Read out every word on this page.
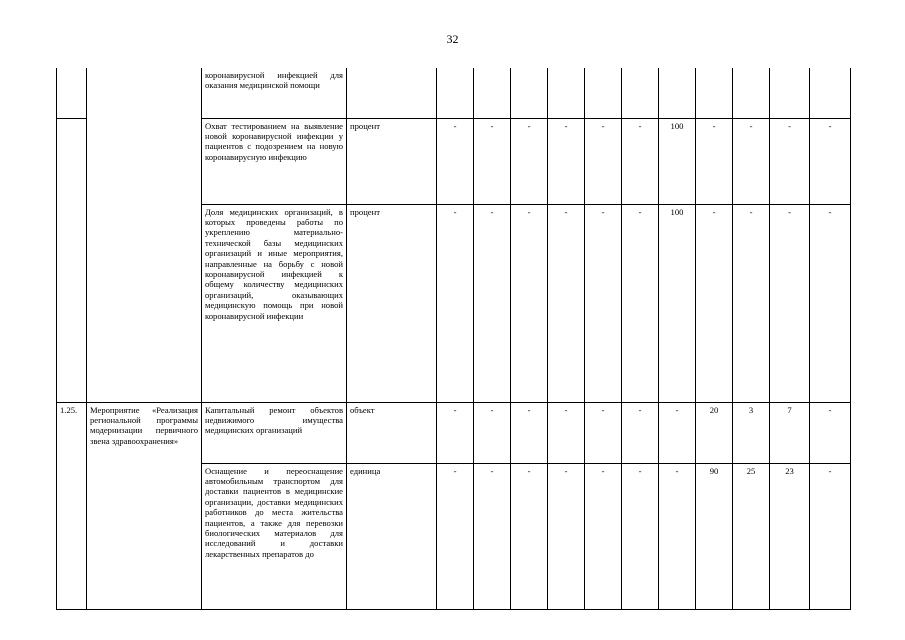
32
		коронавирусной инфекцией для оказания медицинской помощи												
		Охват тестированием на выявление новой коронавирусной инфекции у пациентов с подозрением на новую коронавирусную инфекцию	процент	-	-	-	-	-	-	100	-	-	-	-
		Доля медицинских организаций, в которых проведены работы по укреплению материально-технической базы медицинских организаций и иные мероприятия, направленные на борьбу с новой коронавирусной инфекцией к общему количеству медицинских организаций, оказывающих медицинскую помощь при новой коронавирусной инфекции	процент	-	-	-	-	-	-	100	-	-	-	-
1.25.	Мероприятие «Реализация региональной программы модернизации первичного звена здравоохранения»	Капитальный ремонт объектов недвижимого имущества медицинских организаций	объект	-	-	-	-	-	-	-	20	3	7	-
		Оснащение и переоснащение автомобильным транспортом для доставки пациентов в медицинские организации, доставки медицинских работников до места жительства пациентов, а также для перевозки биологических материалов для исследований и доставки лекарственных препаратов до	единица	-	-	-	-	-	-	-	90	25	23	-
